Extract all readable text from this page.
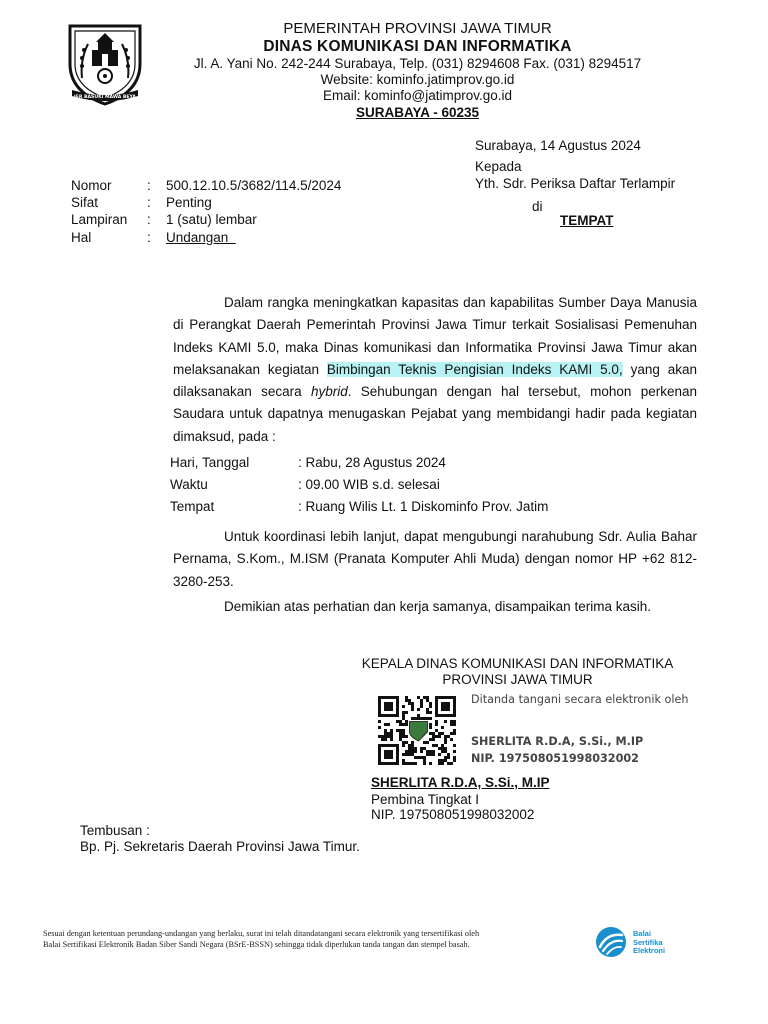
JER BASUKI MAWA BEYA
PEMERINTAH PROVINSI JAWA TIMUR
DINAS KOMUNIKASI DAN INFORMATIKA
Jl. A. Yani No. 242-244 Surabaya, Telp. (031) 8294608 Fax. (031) 8294517
Website: kominfo.jatimprov.go.id
Email: kominfo@jatimprov.go.id
SURABAYA - 60235
Surabaya, 14 Agustus 2024
Kepada
Yth. Sdr. Periksa Daftar Terlampir
di
TEMPAT
Nomor	: 500.12.10.5/3682/114.5/2024
Sifat	: Penting
Lampiran : 1 (satu) lembar
Hal	: Undangan
Dalam rangka meningkatkan kapasitas dan kapabilitas Sumber Daya Manusia di Perangkat Daerah Pemerintah Provinsi Jawa Timur terkait Sosialisasi Pemenuhan Indeks KAMI 5.0, maka Dinas komunikasi dan Informatika Provinsi Jawa Timur akan melaksanakan kegiatan Bimbingan Teknis Pengisian Indeks KAMI 5.0, yang akan dilaksanakan secara hybrid. Sehubungan dengan hal tersebut, mohon perkenan Saudara untuk dapatnya menugaskan Pejabat yang membidangi hadir pada kegiatan dimaksud, pada :
Hari, Tanggal	: Rabu, 28 Agustus 2024
Waktu	: 09.00 WIB s.d. selesai
Tempat	: Ruang Wilis Lt. 1 Diskominfo Prov. Jatim
Untuk koordinasi lebih lanjut, dapat mengubungi narahubung Sdr. Aulia Bahar Pernama, S.Kom., M.ISM (Pranata Komputer Ahli Muda) dengan nomor HP +62 812-3280-253.
Demikian atas perhatian dan kerja samanya, disampaikan terima kasih.
KEPALA DINAS KOMUNIKASI DAN INFORMATIKA
PROVINSI JAWA TIMUR
Ditanda tangani secara elektronik oleh
SHERLITA R.D.A, S.Si., M.IP
NIP. 197508051998032002
SHERLITA R.D.A, S.Si., M.IP
Pembina Tingkat I
NIP. 197508051998032002
Tembusan :
Bp. Pj. Sekretaris Daerah Provinsi Jawa Timur.
Sesuai dengan ketentuan perundang-undangan yang berlaku, surat ini telah ditandatangani secara elektronik yang tersertifikasi oleh
Balai Sertifikasi Elektronik Badan Siber Sandi Negara (BSrE-BSSN) sehingga tidak diperlukan tanda tangan dan stempel basah.
Balai
Sertifika
Elektroni
